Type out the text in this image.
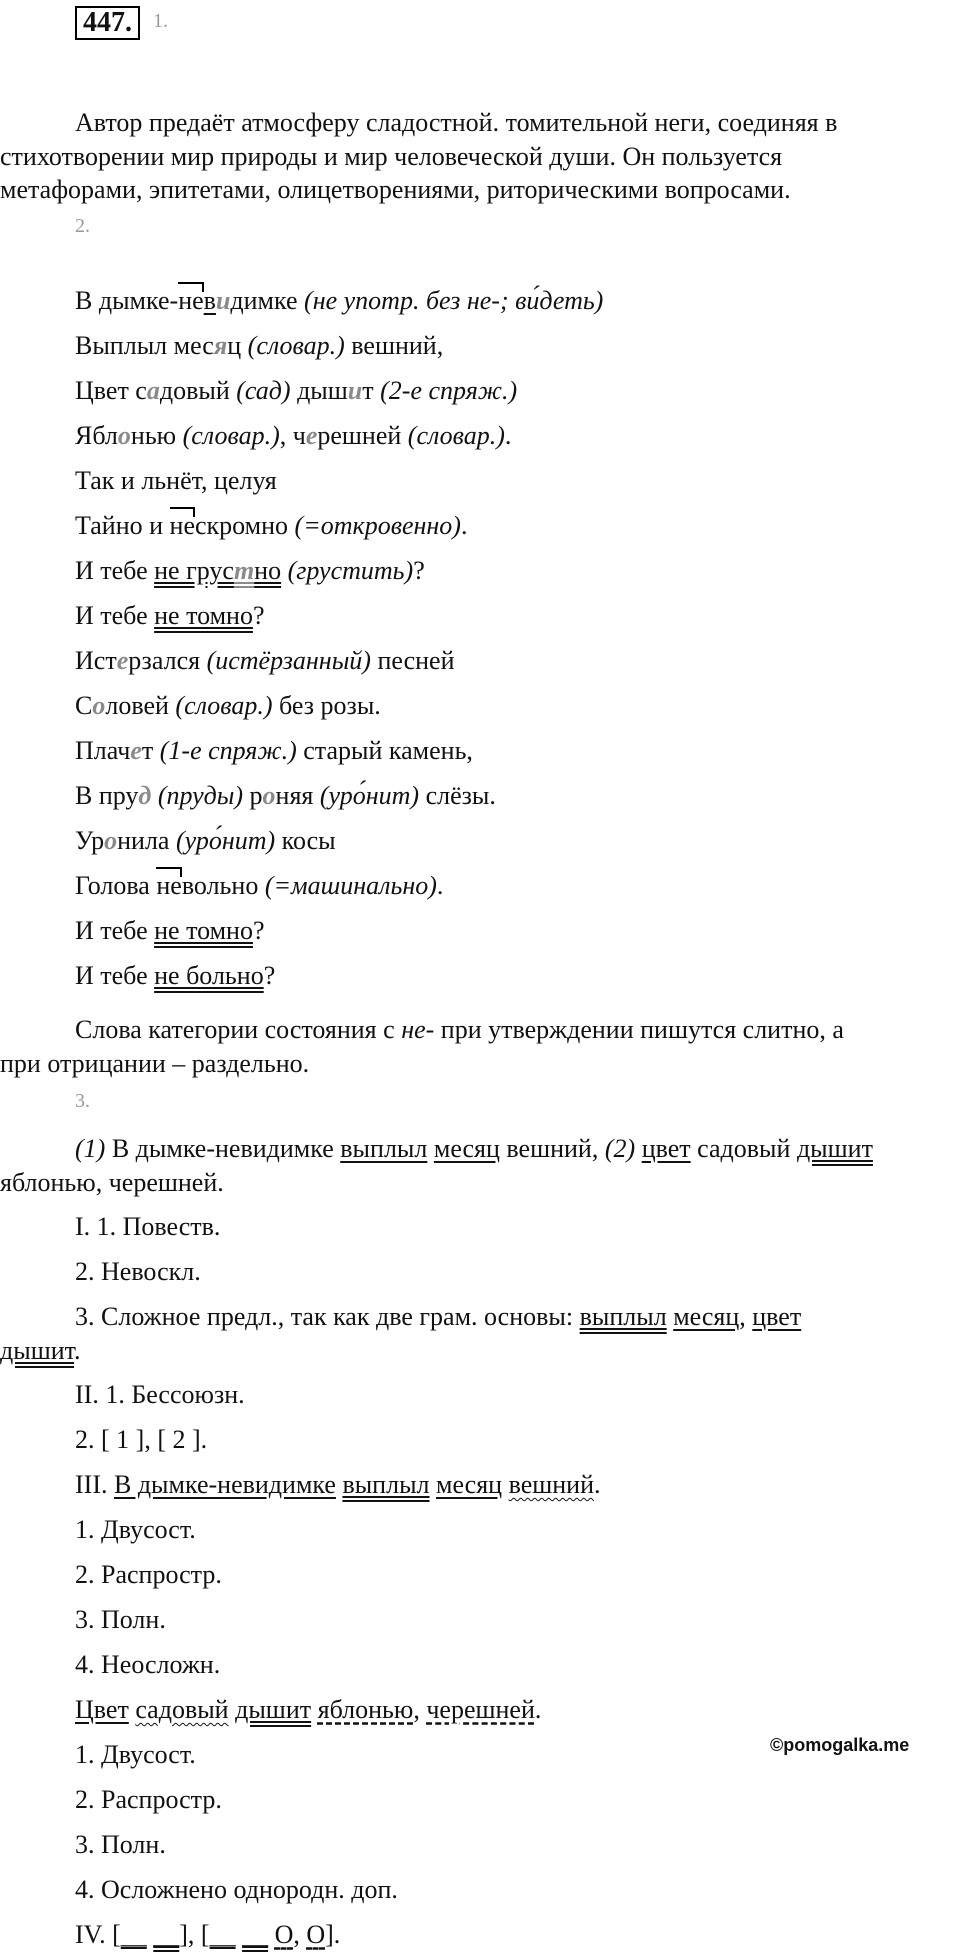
447.	1.
Автор предаёт атмосферу сладостной. томительной неги, соединяя в
стихотворении мир природы и мир человеческой души. Он пользуется
метафорами, эпитетами, олицетворениями, риторическими вопросами.
2.
В дымке-невидимке (не употр. без не-; ви́деть)
Выплыл месяц (словар.) вешний,
Цвет садовый (сад) дышит (2-е спряж.)
Яблонью (словар.), черешней (словар.).
Так и льнёт, целуя
Тайно и нескромно (=откровенно).
И тебе не грустно (грустить)?
И тебе не томно?
Истерзался (истёрзанный) песней
Соловей (словар.) без розы.
Плачет (1-е спряж.) старый камень,
В пруд (пруды) роняя (уро́нит) слёзы.
Уронила (уро́нит) косы
Голова невольно (=машинально).
И тебе не томно?
И тебе не больно?
Слова категории состояния с не- при утверждении пишутся слитно, а
при отрицании – раздельно.
3.
(1) В дымке-невидимке выплыл месяц вешний, (2) цвет садовый дышит
яблонью, черешней.
I. 1. Повеств.
2. Невоскл.
3. Сложное предл., так как две грам. основы: выплыл месяц, цвет
дышит.
II. 1. Бессоюзн.
2. [ 1 ], [ 2 ].
III. В дымке-невидимке выплыл месяц вешний.
1. Двусост.
2. Распростр.
3. Полн.
4. Неосложн.
Цвет садовый дышит яблонью, черешней.
©pomogalka.me
1. Двусост.
2. Распростр.
3. Полн.
4. Осложнено однородн. доп.
IV. [__ __], [__ __ O, O].
